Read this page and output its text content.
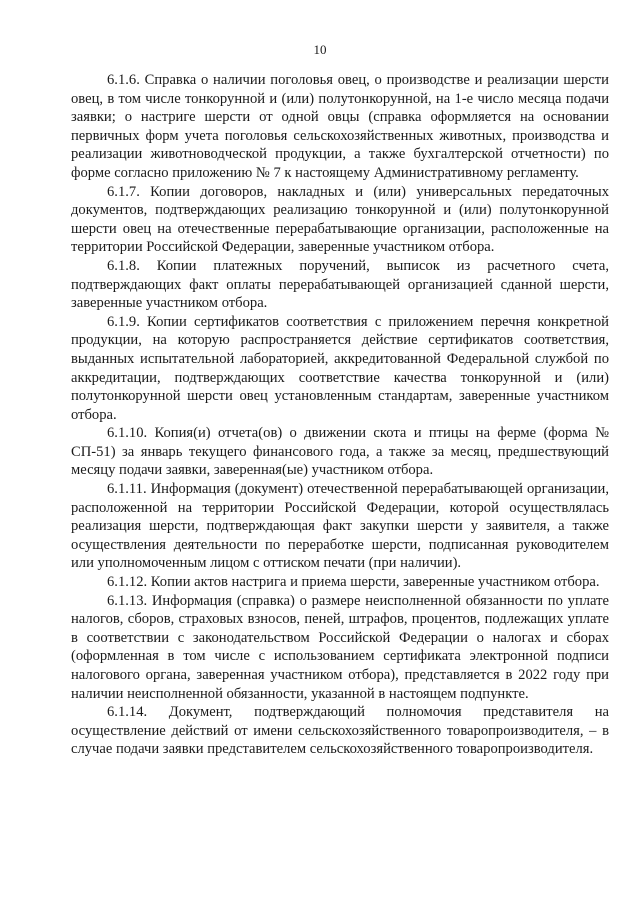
10

6.1.6. Справка о наличии поголовья овец, о производстве и реализации шерсти овец, в том числе тонкорунной и (или) полутонкорунной, на 1-е число месяца подачи заявки; о настриге шерсти от одной овцы (справка оформляется на основании первичных форм учета поголовья сельскохозяйственных животных, производства и реализации животноводческой продукции, а также бухгалтерской отчетности) по форме согласно приложению № 7 к настоящему Административному регламенту.

6.1.7. Копии договоров, накладных и (или) универсальных передаточных документов, подтверждающих реализацию тонкорунной и (или) полутонкорунной шерсти овец на отечественные перерабатывающие организации, расположенные на территории Российской Федерации, заверенные участником отбора.

6.1.8. Копии платежных поручений, выписок из расчетного счета, подтверждающих факт оплаты перерабатывающей организацией сданной шерсти, заверенные участником отбора.

6.1.9. Копии сертификатов соответствия с приложением перечня конкретной продукции, на которую распространяется действие сертификатов соответствия, выданных испытательной лабораторией, аккредитованной Федеральной службой по аккредитации, подтверждающих соответствие качества тонкорунной и (или) полутонкорунной шерсти овец установленным стандартам, заверенные участником отбора.

6.1.10. Копия(и) отчета(ов) о движении скота и птицы на ферме (форма № СП-51) за январь текущего финансового года, а также за месяц, предшествующий месяцу подачи заявки, заверенная(ые) участником отбора.

6.1.11. Информация (документ) отечественной перерабатывающей организации, расположенной на территории Российской Федерации, которой осуществлялась реализация шерсти, подтверждающая факт закупки шерсти у заявителя, а также осуществления деятельности по переработке шерсти, подписанная руководителем или уполномоченным лицом с оттиском печати (при наличии).

6.1.12. Копии актов настрига и приема шерсти, заверенные участником отбора.

6.1.13. Информация (справка) о размере неисполненной обязанности по уплате налогов, сборов, страховых взносов, пеней, штрафов, процентов, подлежащих уплате в соответствии с законодательством Российской Федерации о налогах и сборах (оформленная в том числе с использованием сертификата электронной подписи налогового органа, заверенная участником отбора), представляется в 2022 году при наличии неисполненной обязанности, указанной в настоящем подпункте.

6.1.14. Документ, подтверждающий полномочия представителя на осуществление действий от имени сельскохозяйственного товаропроизводителя, – в случае подачи заявки представителем сельскохозяйственного товаропроизводителя.
